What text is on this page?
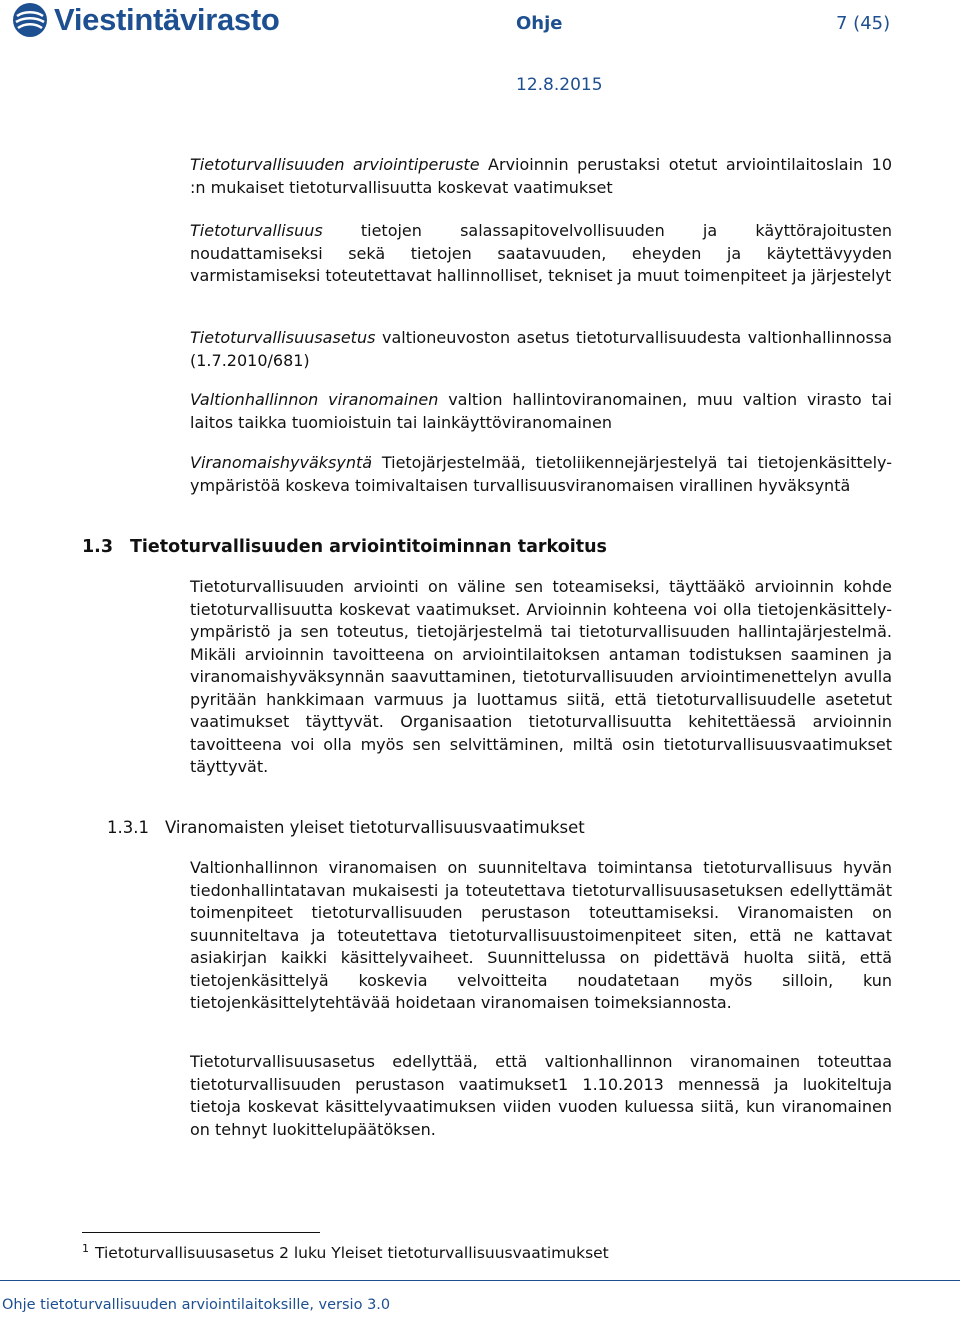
Viestintävirasto	Ohje	7 (45)
12.8.2015
Tietoturvallisuuden arviointiperuste Arvioinnin perustaksi otetut arviointilaitoslain 10 :n mukaiset tietoturvallisuutta koskevat vaatimukset
Tietoturvallisuus tietojen salassapitovelvollisuuden ja käyttörajoitusten noudattamiseksi sekä tietojen saatavuuden, eheyden ja käytettävyyden varmistamiseksi toteutettavat hallinnolliset, tekniset ja muut toimenpiteet ja järjestelyt
Tietoturvallisuusasetus valtioneuvoston asetus tietoturvallisuudesta valtionhallinnossa (1.7.2010/681)
Valtionhallinnon viranomainen valtion hallintoviranomainen, muu valtion virasto tai laitos taikka tuomioistuin tai lainkäyttöviranomainen
Viranomaishyväksyntä Tietojärjestelmää, tietoliikennejärjestelyä tai tietojenkäsittely-ympäristöä koskeva toimivaltaisen turvallisuusviranomaisen virallinen hyväksyntä
1.3 Tietoturvallisuuden arviointitoiminnan tarkoitus
Tietoturvallisuuden arviointi on väline sen toteamiseksi, täyttääkö arvioinnin kohde tietoturvallisuutta koskevat vaatimukset. Arvioinnin kohteena voi olla tietojenkäsittely-ympäristö ja sen toteutus, tietojärjestelmä tai tietoturvallisuuden hallintajärjestelmä. Mikäli arvioinnin tavoitteena on arviointilaitoksen antaman todistuksen saaminen ja viranomaishyväksynnän saavuttaminen, tietoturvallisuuden arviointimenettelyn avulla pyritään hankkimaan varmuus ja luottamus siitä, että tietoturvallisuudelle asetetut vaatimukset täyttyvät. Organisaation tietoturvallisuutta kehitettäessä arvioinnin tavoitteena voi olla myös sen selvittäminen, miltä osin tietoturvallisuusvaatimukset täyttyvät.
1.3.1 Viranomaisten yleiset tietoturvallisuusvaatimukset
Valtionhallinnon viranomaisen on suunniteltava toimintansa tietoturvallisuus hyvän tiedonhallintatavan mukaisesti ja toteutettava tietoturvallisuusasetuksen edellyttämät toimenpiteet tietoturvallisuuden perustason toteuttamiseksi. Viranomaisten on suunniteltava ja toteutettava tietoturvallisuustoimenpiteet siten, että ne kattavat asiakirjan kaikki käsittelyvaiheet. Suunnittelussa on pidettävä huolta siitä, että tietojenkäsittelyä koskevia velvoitteita noudatetaan myös silloin, kun tietojenkäsittelytehtävää hoidetaan viranomaisen toimeksiannosta.
Tietoturvallisuusasetus edellyttää, että valtionhallinnon viranomainen toteuttaa tietoturvallisuuden perustason vaatimukset1 1.10.2013 mennessä ja luokiteltuja tietoja koskevat käsittelyvaatimuksen viiden vuoden kuluessa siitä, kun viranomainen on tehnyt luokittelupäätöksen.
$^1$ Tietoturvallisuusasetus 2 luku Yleiset tietoturvallisuusvaatimukset
Ohje tietoturvallisuuden arviointilaitoksille, versio 3.0
